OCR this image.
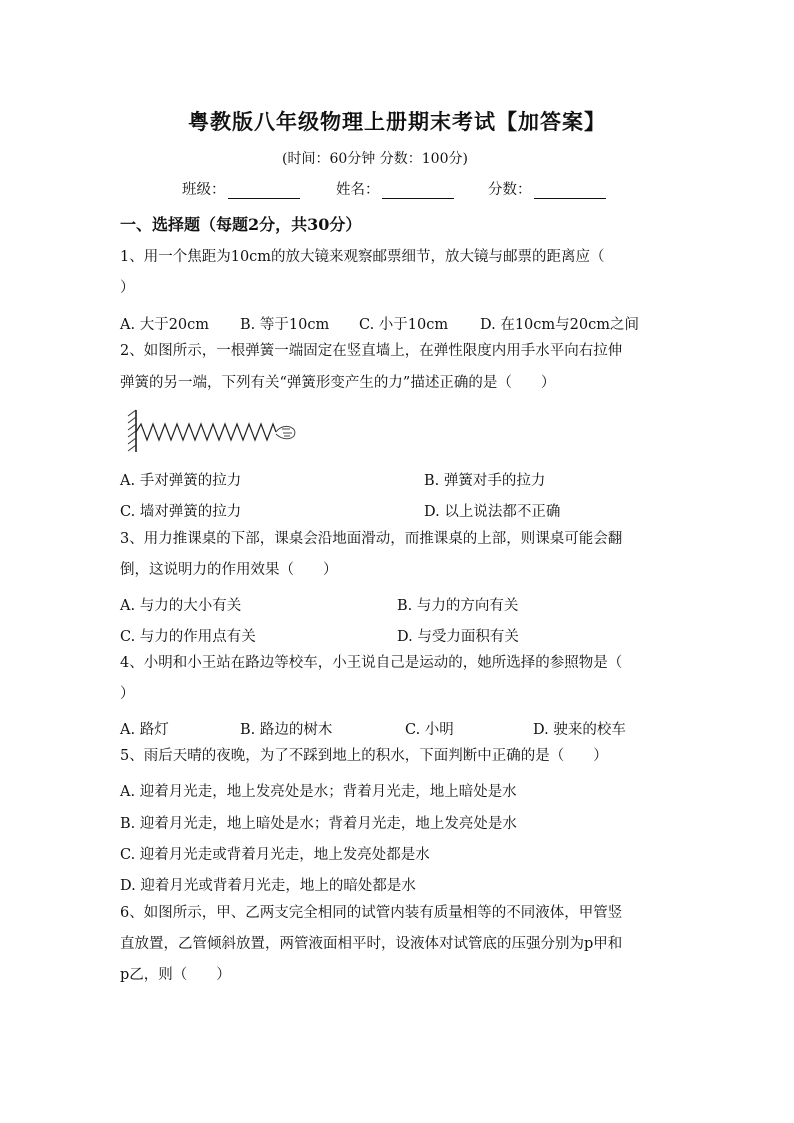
粤教版八年级物理上册期末考试【加答案】
(时间：60分钟 分数：100分)
班级：	姓名：	分数：
一、选择题（每题2分，共30分）
1、用一个焦距为10cm的放大镜来观察邮票细节，放大镜与邮票的距离应（
）
A. 大于20cm B. 等于10cm C. 小于10cm D. 在10cm与20cm之间
2、如图所示，一根弹簧一端固定在竖直墙上，在弹性限度内用手水平向右拉伸
弹簧的另一端，下列有关“弹簧形变产生的力”描述正确的是（　　）
A. 手对弹簧的拉力	B. 弹簧对手的拉力
C. 墙对弹簧的拉力	D. 以上说法都不正确
3、用力推课桌的下部，课桌会沿地面滑动，而推课桌的上部，则课桌可能会翻
倒，这说明力的作用效果（　　）
A. 与力的大小有关	B. 与力的方向有关
C. 与力的作用点有关	D. 与受力面积有关
4、小明和小王站在路边等校车，小王说自己是运动的，她所选择的参照物是（
）
A. 路灯	B. 路边的树木	C. 小明	D. 驶来的校车
5、雨后天晴的夜晚，为了不踩到地上的积水，下面判断中正确的是（　　）
A. 迎着月光走，地上发亮处是水；背着月光走，地上暗处是水
B. 迎着月光走，地上暗处是水；背着月光走，地上发亮处是水
C. 迎着月光走或背着月光走，地上发亮处都是水
D. 迎着月光或背着月光走，地上的暗处都是水
6、如图所示，甲、乙两支完全相同的试管内装有质量相等的不同液体，甲管竖
直放置，乙管倾斜放置，两管液面相平时，设液体对试管底的压强分别为p甲和
p乙，则（　　）
